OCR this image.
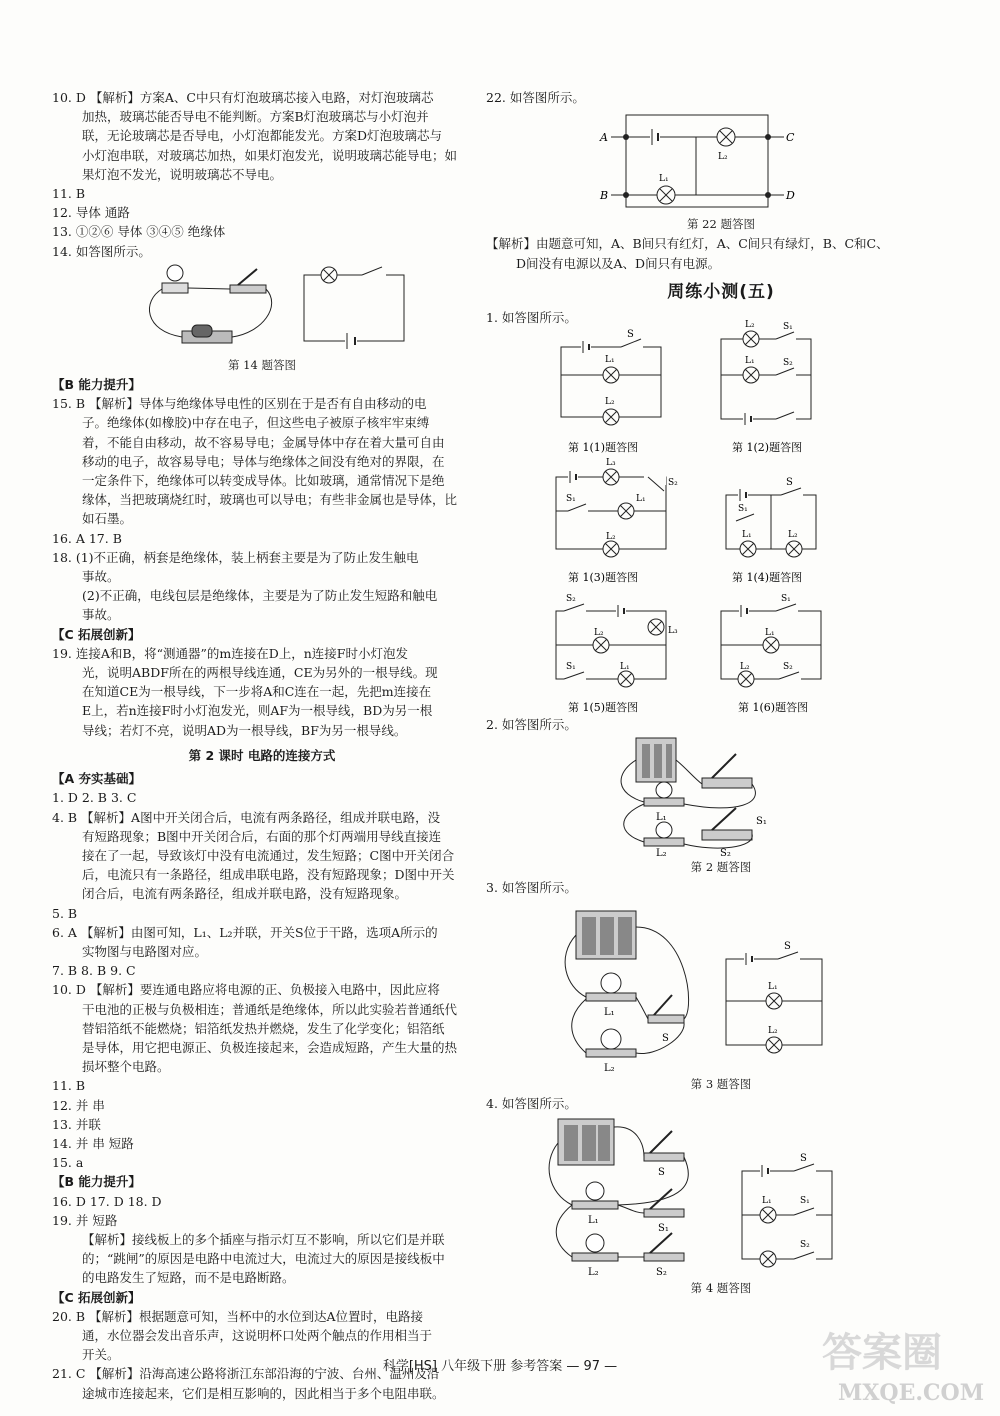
10. D 【解析】方案A、C中只有灯泡玻璃芯接入电路，对灯泡玻璃芯
加热，玻璃芯能否导电不能判断。方案B灯泡玻璃芯与小灯泡并
联，无论玻璃芯是否导电，小灯泡都能发光。方案D灯泡玻璃芯与
小灯泡串联，对玻璃芯加热，如果灯泡发光，说明玻璃芯能导电；如
果灯泡不发光，说明玻璃芯不导电。
11. B
12. 导体 通路
13. ①②⑥ 导体 ③④⑤ 绝缘体
14. 如答图所示。
第 14 题答图
【B 能力提升】
15. B 【解析】导体与绝缘体导电性的区别在于是否有自由移动的电
子。绝缘体(如橡胶)中存在电子，但这些电子被原子核牢牢束缚
着，不能自由移动，故不容易导电；金属导体中存在着大量可自由
移动的电子，故容易导电；导体与绝缘体之间没有绝对的界限，在
一定条件下，绝缘体可以转变成导体。比如玻璃，通常情况下是绝
缘体，当把玻璃烧红时，玻璃也可以导电；有些非金属也是导体，比
如石墨。
16. A 17. B
18. (1)不正确，柄套是绝缘体，装上柄套主要是为了防止发生触电
事故。
(2)不正确，电线包层是绝缘体，主要是为了防止发生短路和触电
事故。
【C 拓展创新】
19. 连接A和B，将“测通器”的m连接在D上，n连接F时小灯泡发
光，说明ABDF所在的两根导线连通，CE为另外的一根导线。现
在知道CE为一根导线，下一步将A和C连在一起，先把m连接在
E上，若n连接F时小灯泡发光，则AF为一根导线，BD为另一根
导线；若灯不亮，说明AD为一根导线，BF为另一根导线。
第 2 课时 电路的连接方式
【A 夯实基础】
1. D 2. B 3. C
4. B 【解析】A图中开关闭合后，电流有两条路径，组成并联电路，没
有短路现象；B图中开关闭合后，右面的那个灯两端用导线直接连
接在了一起，导致该灯中没有电流通过，发生短路；C图中开关闭合
后，电流只有一条路径，组成串联电路，没有短路现象；D图中开关
闭合后，电流有两条路径，组成并联电路，没有短路现象。
5. B
6. A 【解析】由图可知，L₁、L₂并联，开关S位于干路，选项A所示的
实物图与电路图对应。
7. B 8. B 9. C
10. D 【解析】要连通电路应将电源的正、负极接入电路中，因此应将
干电池的正极与负极相连；普通纸是绝缘体，所以此实验若普通纸代
替铝箔纸不能燃烧；铝箔纸发热并燃烧，发生了化学变化；铝箔纸
是导体，用它把电源正、负极连接起来，会造成短路，产生大量的热
损坏整个电路。
11. B
12. 并 串
13. 并联
14. 并 串 短路
15. a
【B 能力提升】
16. D 17. D 18. D
19. 并 短路
【解析】接线板上的多个插座与指示灯互不影响，所以它们是并联
的；“跳闸”的原因是电路中电流过大，电流过大的原因是接线板中
的电路发生了短路，而不是电路断路。
【C 拓展创新】
20. B 【解析】根据题意可知，当杯中的水位到达A位置时，电路接
通，水位器会发出音乐声，这说明杯口处两个触点的作用相当于
开关。
21. C 【解析】沿海高速公路将浙江东部沿海的宁波、台州、温州及沿
途城市连接起来，它们是相互影响的，因此相当于多个电阻串联。
22. 如答图所示。
A
B
C
D
L₂
L₁
第 22 题答图
【解析】由题意可知，A、B间只有红灯，A、C间只有绿灯，B、C和C、
D间没有电源以及A、D间只有电源。
周练小测(五)
1. 如答图所示。
S
L₁
L₂
L₂	S₁
L₁	S₂
L₃
S₂
S₁	L₁
L₂
S
S₁
L₁	L₂
S₂
L₃
L₂
S₁	L₁
S₁
L₁
L₂	S₂
第 1(1)题答图	第 1(2)题答图
第 1(3)题答图	第 1(4)题答图
第 1(5)题答图	第 1(6)题答图
2. 如答图所示。
L₁	S₁
L₂	S₂
第 2 题答图
3. 如答图所示。
L₁
S
L₂
S
L₁
L₂
第 3 题答图
4. 如答图所示。
S
S₁
L₁
S₂
L₂
S
L₁	S₁
S₂
第 4 题答图
科学[HS] 八年级下册 参考答案 — 97 —	答案圈
MXQE.COM
